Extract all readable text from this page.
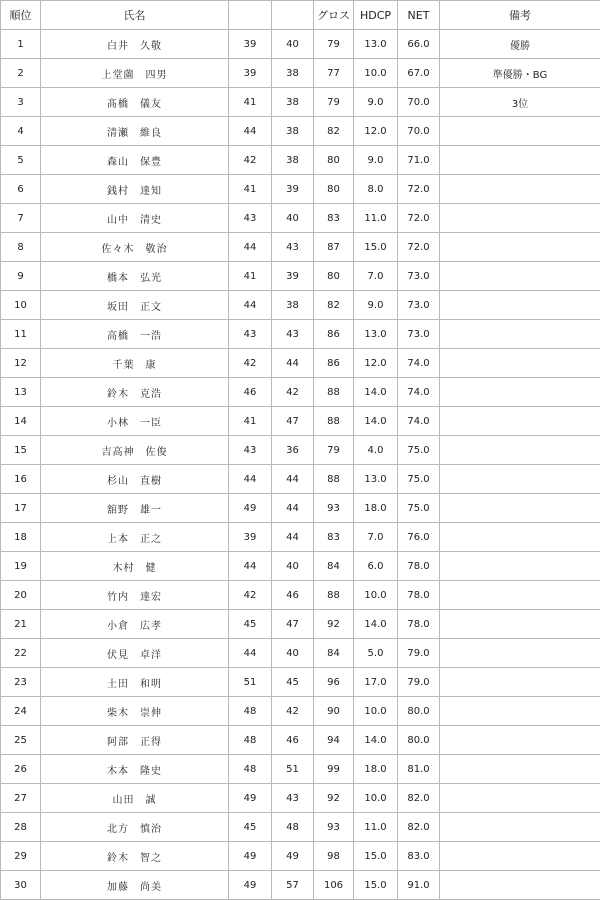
順位	氏名			グロス	HDCP	NET	備考
1	白井　久敬	39	40	79	13.0	66.0	優勝
2	上堂薗　四男	39	38	77	10.0	67.0	準優勝・BG
3	髙橋　儀友	41	38	79	9.0	70.0	3位
4	清瀬　維良	44	38	82	12.0	70.0	
5	森山　保豊	42	38	80	9.0	71.0	
6	銭村　達知	41	39	80	8.0	72.0	
7	山中　清史	43	40	83	11.0	72.0	
8	佐々木　敬治	44	43	87	15.0	72.0	
9	橋本　弘光	41	39	80	7.0	73.0	
10	坂田　正文	44	38	82	9.0	73.0	
11	高橋　一浩	43	43	86	13.0	73.0	
12	千葉　康	42	44	86	12.0	74.0	
13	鈴木　克浩	46	42	88	14.0	74.0	
14	小林　一臣	41	47	88	14.0	74.0	
15	吉高神　佐俊	43	36	79	4.0	75.0	
16	杉山　直樹	44	44	88	13.0	75.0	
17	舘野　雄一	49	44	93	18.0	75.0	
18	上本　正之	39	44	83	7.0	76.0	
19	木村　健	44	40	84	6.0	78.0	
20	竹内　達宏	42	46	88	10.0	78.0	
21	小倉　広孝	45	47	92	14.0	78.0	
22	伏見　卓洋	44	40	84	5.0	79.0	
23	土田　和明	51	45	96	17.0	79.0	
24	柴木　崇伸	48	42	90	10.0	80.0	
25	阿部　正得	48	46	94	14.0	80.0	
26	木本　隆史	48	51	99	18.0	81.0	
27	山田　誠	49	43	92	10.0	82.0	
28	北方　慎治	45	48	93	11.0	82.0	
29	鈴木　智之	49	49	98	15.0	83.0	
30	加藤　尚美	49	57	106	15.0	91.0	
